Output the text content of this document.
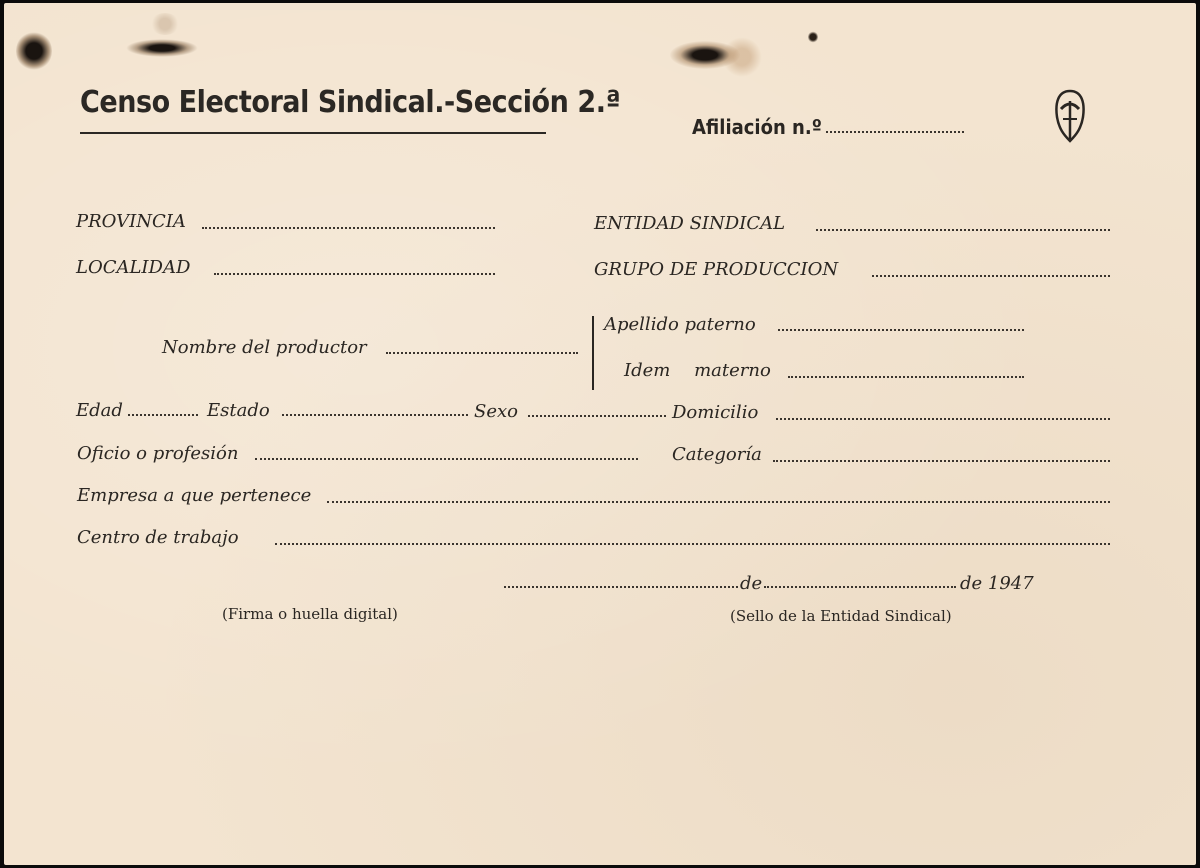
Censo Electoral Sindical.-Sección 2.ª
Afiliación n.º
PROVINCIA	ENTIDAD SINDICAL
LOCALIDAD	GRUPO DE PRODUCCION
Nombre del productor
Apellido paterno
Idem materno
Edad	Estado	Sexo	Domicilio
Oficio o profesión	Categoría
Empresa a que pertenece
Centro de trabajo
de	de 1947
(Firma o huella digital)	(Sello de la Entidad Sindical)
